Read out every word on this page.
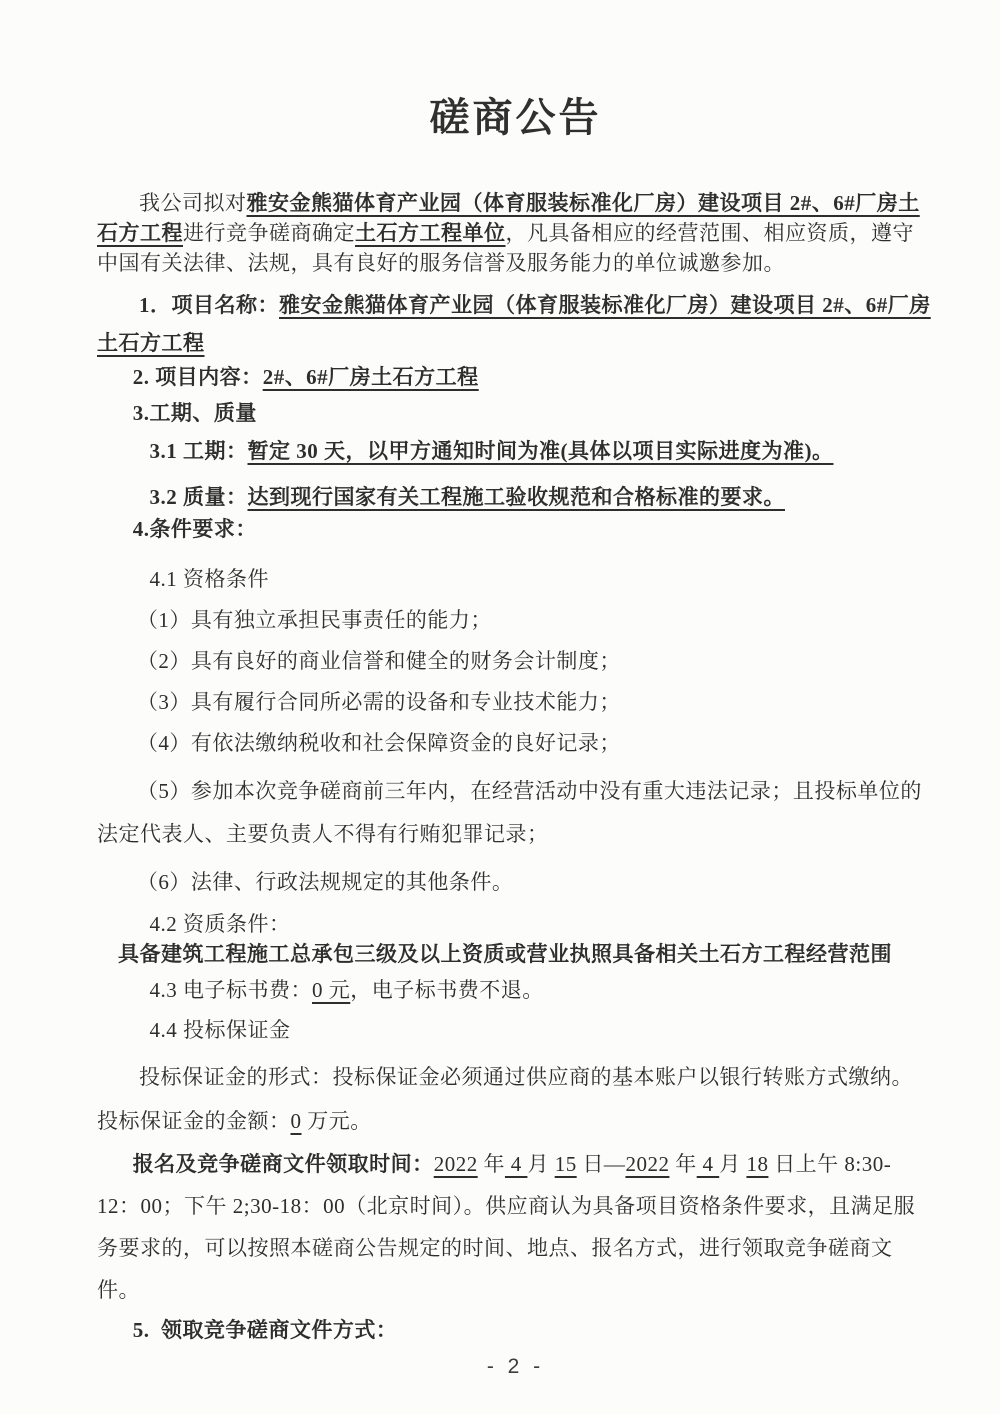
磋商公告

我公司拟对雅安金熊猫体育产业园（体育服装标准化厂房）建设项目 2#、6#厂房土石方工程进行竞争磋商确定土石方工程单位，凡具备相应的经营范围、相应资质，遵守中国有关法律、法规，具有良好的服务信誉及服务能力的单位诚邀参加。

1．项目名称：雅安金熊猫体育产业园（体育服装标准化厂房）建设项目 2#、6#厂房土石方工程

2. 项目内容：2#、6#厂房土石方工程

3.工期、质量

3.1 工期：暂定 30 天，以甲方通知时间为准(具体以项目实际进度为准)。

3.2 质量：达到现行国家有关工程施工验收规范和合格标准的要求。

4.条件要求：

4.1 资格条件

（1）具有独立承担民事责任的能力；

（2）具有良好的商业信誉和健全的财务会计制度；

（3）具有履行合同所必需的设备和专业技术能力；

（4）有依法缴纳税收和社会保障资金的良好记录；

（5）参加本次竞争磋商前三年内，在经营活动中没有重大违法记录；且投标单位的法定代表人、主要负责人不得有行贿犯罪记录；

（6）法律、行政法规规定的其他条件。

4.2 资质条件：

具备建筑工程施工总承包三级及以上资质或营业执照具备相关土石方工程经营范围

4.3 电子标书费：0 元，电子标书费不退。

4.4 投标保证金

投标保证金的形式：投标保证金必须通过供应商的基本账户以银行转账方式缴纳。投标保证金的金额：0 万元。

报名及竞争磋商文件领取时间：2022 年 4 月 15 日—2022 年 4 月 18 日上午 8:30-12：00；下午 2;30-18：00（北京时间）。供应商认为具备项目资格条件要求，且满足服务要求的，可以按照本磋商公告规定的时间、地点、报名方式，进行领取竞争磋商文件。

5.  领取竞争磋商文件方式：

- 2 -
